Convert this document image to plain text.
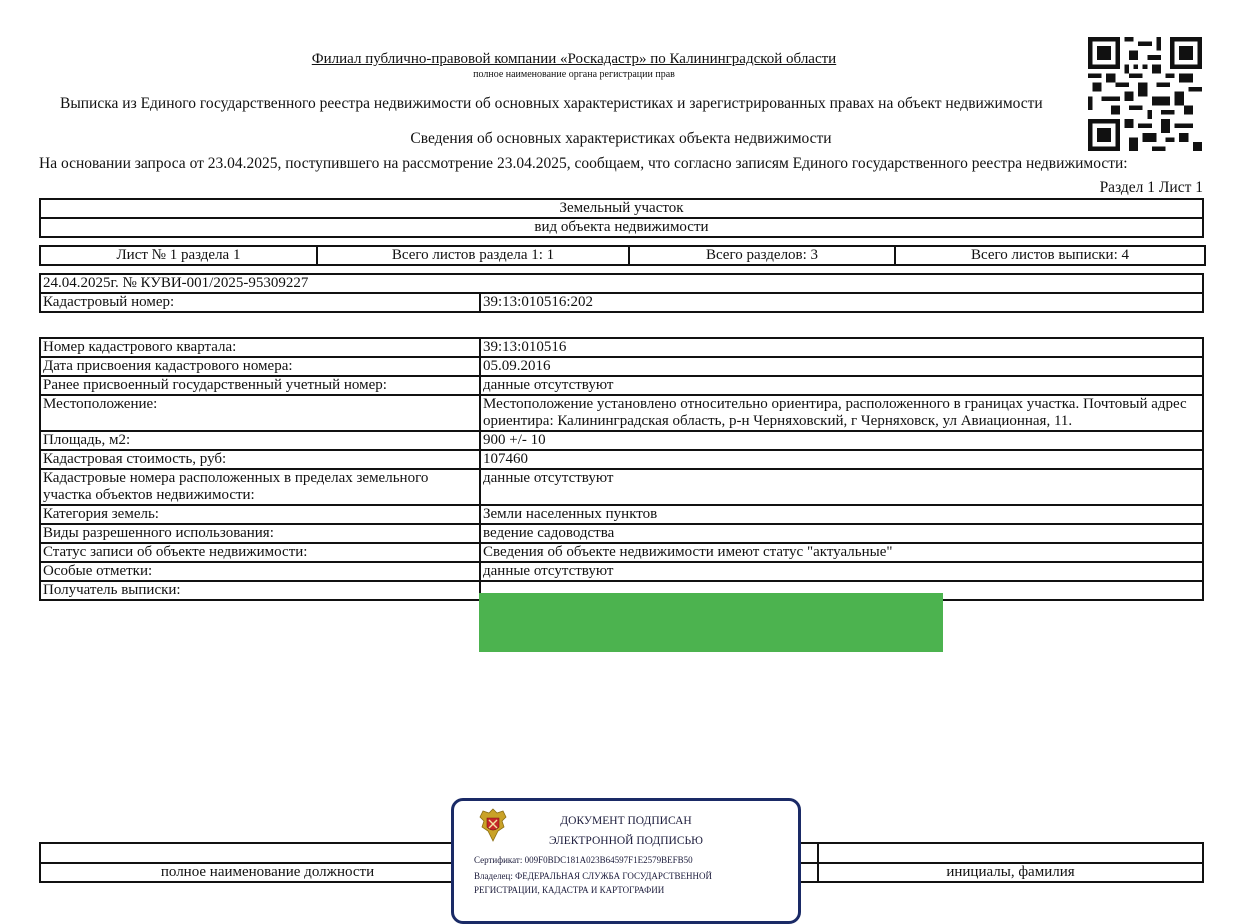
Филиал публично-правовой компании «Роскадастр» по Калининградской области
полное наименование органа регистрации прав
Выписка из Единого государственного реестра недвижимости об основных характеристиках и зарегистрированных правах на объект недвижимости
Сведения об основных характеристиках объекта недвижимости
На основании запроса от 23.04.2025, поступившего на рассмотрение 23.04.2025, сообщаем, что согласно записям Единого государственного реестра недвижимости:
Раздел 1 Лист 1
Земельный участок
вид объекта недвижимости
Лист № 1 раздела 1	Всего листов раздела 1: 1	Всего разделов: 3	Всего листов выписки: 4
24.04.2025г. № КУВИ-001/2025-95309227
Кадастровый номер:	39:13:010516:202
Номер кадастрового квартала:	39:13:010516
Дата присвоения кадастрового номера:	05.09.2016
Ранее присвоенный государственный учетный номер:	данные отсутствуют
Местоположение:	Местоположение установлено относительно ориентира, расположенного в границах участка. Почтовый адрес ориентира: Калининградская область, р-н Черняховский, г Черняховск, ул Авиационная, 11.
Площадь, м2:	900 +/- 10
Кадастровая стоимость, руб:	107460
Кадастровые номера расположенных в пределах земельного участка объектов недвижимости:	данные отсутствуют
Категория земель:	Земли населенных пунктов
Виды разрешенного использования:	ведение садоводства
Статус записи об объекте недвижимости:	Сведения об объекте недвижимости имеют статус "актуальные"
Особые отметки:	данные отсутствуют
Получатель выписки:	

полное наименование должности		инициалы, фамилия
ДОКУМЕНТ ПОДПИСАН
ЭЛЕКТРОННОЙ ПОДПИСЬЮ
Сертификат: 009F0BDC181A023B64597F1E2579BEFB50
Владелец: ФЕДЕРАЛЬНАЯ СЛУЖБА ГОСУДАРСТВЕННОЙ
РЕГИСТРАЦИИ, КАДАСТРА И КАРТОГРАФИИ
